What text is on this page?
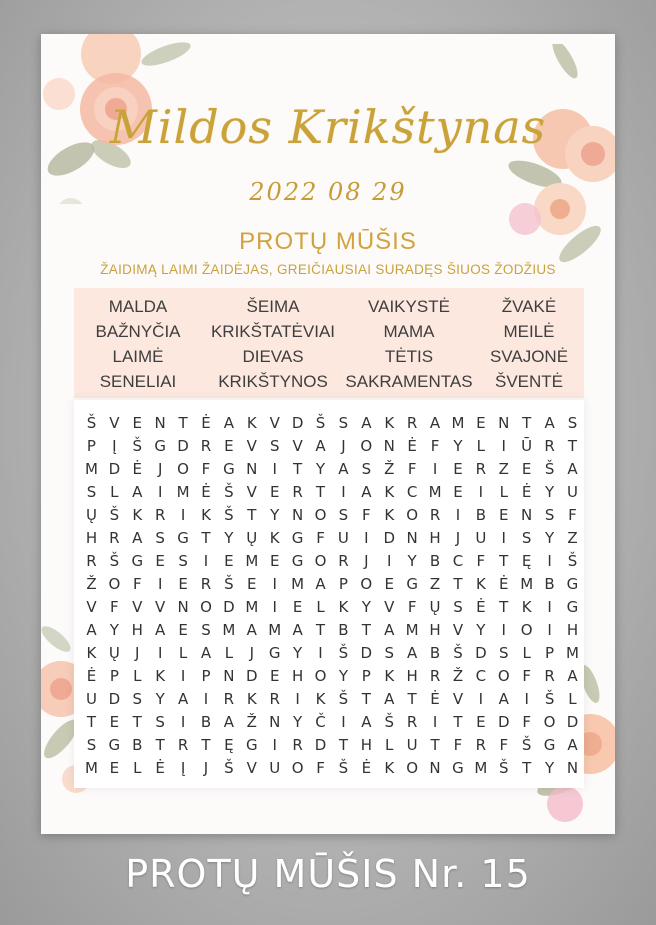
Mildos Krikštynas
2022 08 29
PROTŲ MŪŠIS
ŽAIDIMĄ LAIMI ŽAIDĖJAS, GREIČIAUSIAI SURADĘS ŠIUOS ŽODŽIUS
MALDA	ŠEIMA	VAIKYSTĖ	ŽVAKĖ
BAŽNYČIA	KRIKŠTATĖVIAI	MAMA	MEILĖ
LAIMĖ	DIEVAS	TĖTIS	SVAJONĖ
SENELIAI	KRIKŠTYNOS	SAKRAMENTAS	ŠVENTĖ
Š V E N T Ė A K V D Š S A K R A M E N T A S
P	Į	Š G D R E V S V A	J O N Ė F Y L	I	Ū R T
M D Ė	J O F G N	I	T Y A S Ž F	I	E R Z E Š A
S L A	I M Ė Š V E R T	I	A K C M E	I	L Ė Y U
Ų Š K R	I	K Š T Y N O S F K O R	I	B E N S F
H R A S G T Y Ų K G F U	I D N H	J	U	I	S Y Z
R Š G E S	I	E M E G O R	J	I	Y B C F T Ę	I	Š
Ž O F	I	E R Š E	I M A P O E G Z T K Ė M B G
V F V V N O D M I	E L K Y V F Ų S Ė T K	I G
A Y H A E S M A M A T B T A M H V Y	I O I	H
K Ų	J	I	L A L	J G Y	I	Š D S A B Š D S L P M
Ė P L K	I	P N D E H O Y P K H R Ž C O F R A
U D S Y A	I	R K R	I	K Š T A T Ė V	I	A	I	Š L
T E T S	I	B A Ž N Y Č	I	A Š R	I	T E D F O D
S G B T R T Ę G I	R D T H L U T F R F Š G A
M E L Ė	Į	J	Š V U O F Š Ė K O N G M Š T Y N
PROTŲ MŪŠIS Nr. 15
